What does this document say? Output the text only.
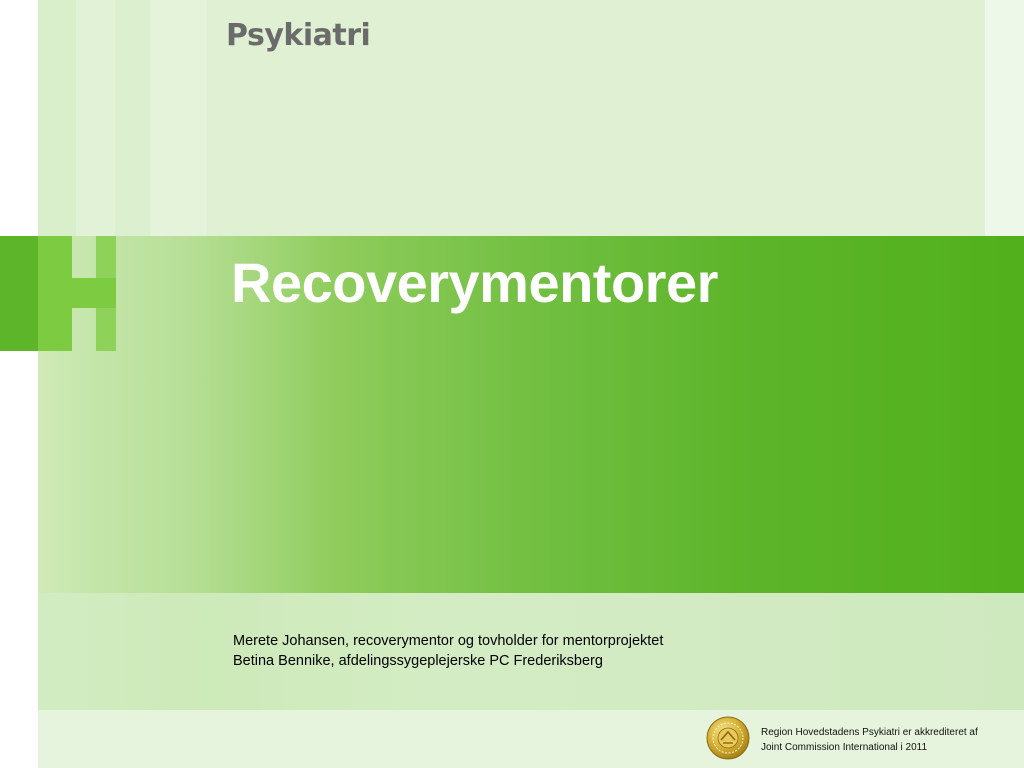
REGION
Psykiatri
Recoverymentorer
Merete Johansen, recoverymentor og tovholder for mentorprojektet
Betina Bennike, afdelingssygeplejerske PC Frederiksberg
Region Hovedstadens Psykiatri er akkrediteret af
Joint Commission International i 2011
